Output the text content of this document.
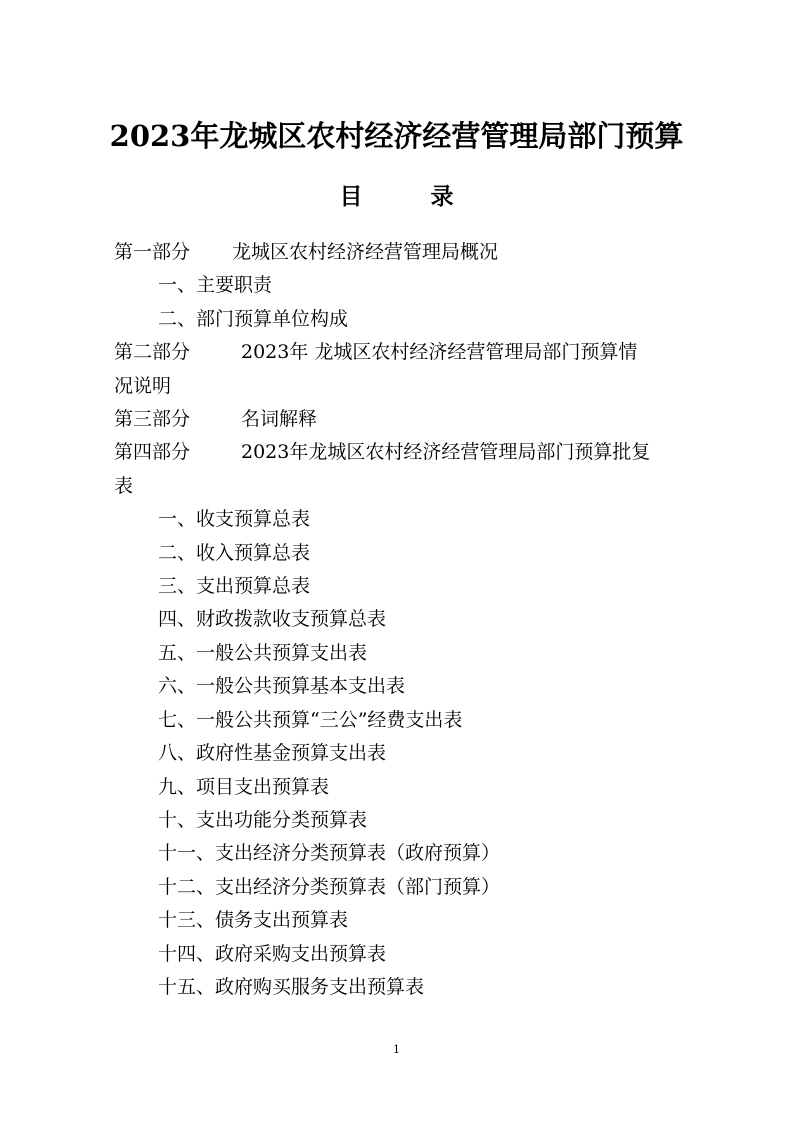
2023年龙城区农村经济经营管理局部门预算
目	录
第一部分 龙城区农村经济经营管理局概况
一、主要职责
二、部门预算单位构成
第二部分	2023年 龙城区农村经济经营管理局部门预算情
况说明
第三部分	名词解释
第四部分	2023年龙城区农村经济经营管理局部门预算批复
表
一、收支预算总表
二、收入预算总表
三、支出预算总表
四、财政拨款收支预算总表
五、一般公共预算支出表
六、一般公共预算基本支出表
七、一般公共预算“三公”经费支出表
八、政府性基金预算支出表
九、项目支出预算表
十、支出功能分类预算表
十一、支出经济分类预算表（政府预算）
十二、支出经济分类预算表（部门预算）
十三、债务支出预算表
十四、政府采购支出预算表
十五、政府购买服务支出预算表
1
